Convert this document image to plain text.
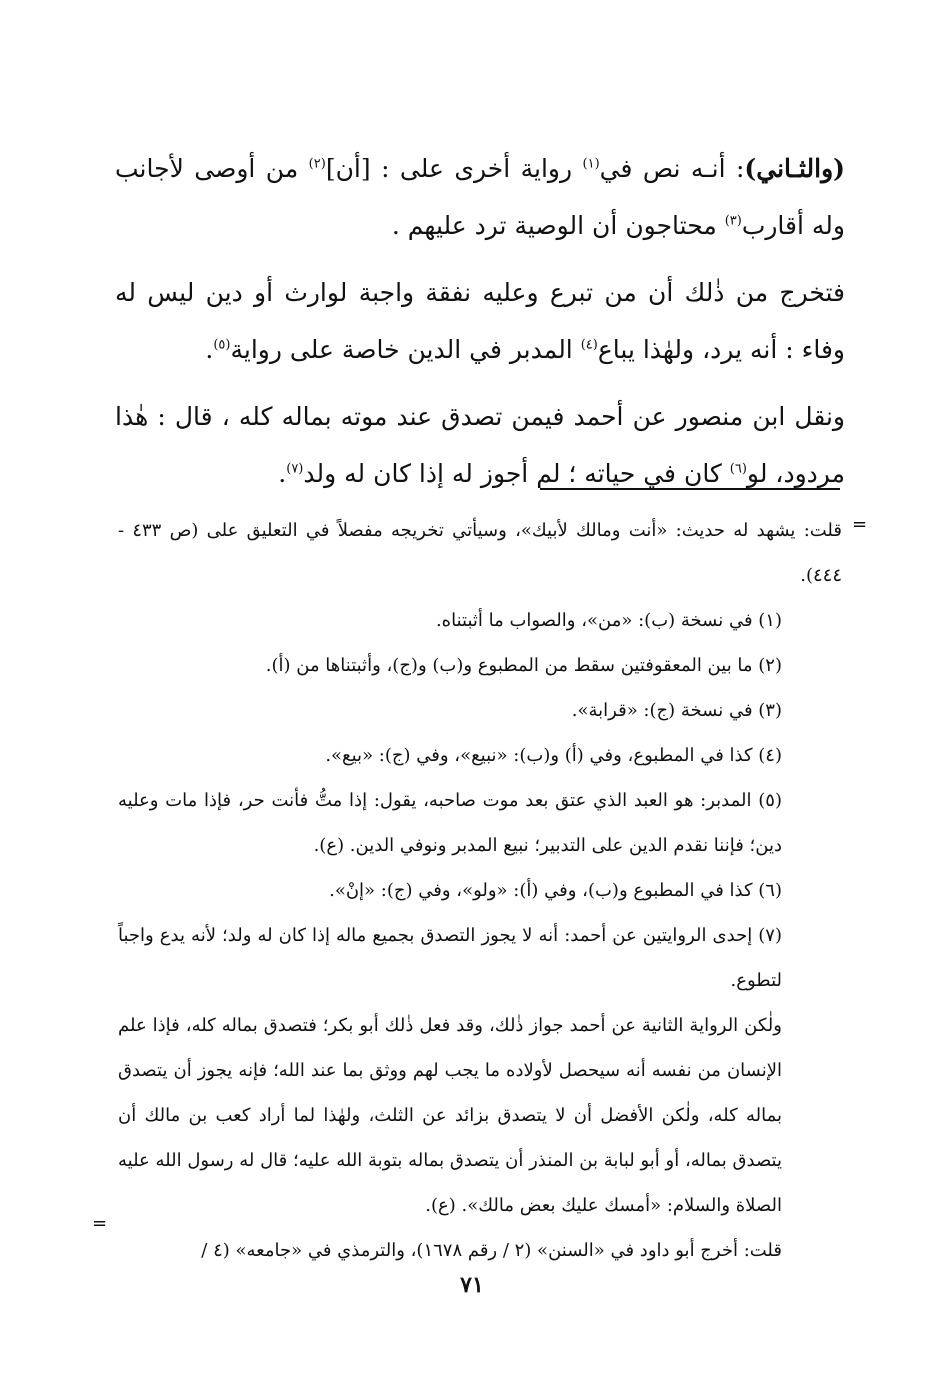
(والثـاني): أنـه نص في$^{(١)}$ رواية أخرى على : [أن]$^{(٢)}$ من أوصى لأجانب وله أقارب$^{(٣)}$ محتاجون أن الوصية ترد عليهم .

فتخرج من ذٰلك أن من تبرع وعليه نفقة واجبة لوارث أو دين ليس له وفاء : أنه يرد، ولهٰذا يباع$^{(٤)}$ المدبر في الدين خاصة على رواية$^{(٥)}$.

ونقل ابن منصور عن أحمد فيمن تصدق عند موته بماله كله ، قال : هٰذا مردود، لو$^{(٦)}$ كان في حياته ؛ لم أجوز له إذا كان له ولد$^{(٧)}$.

=

قلت: يشهد له حديث: «أنت ومالك لأبيك»، وسيأتي تخريجه مفصلاً في التعليق على (ص ٤٣٣ - ٤٤٤).

(١) في نسخة (ب): «من»، والصواب ما أثبتناه.

(٢) ما بين المعقوفتين سقط من المطبوع و(ب) و(ج)، وأثبتناها من (أ).

(٣) في نسخة (ج): «قرابة».

(٤) كذا في المطبوع، وفي (أ) و(ب): «نبيع»، وفي (ج): «بيع».

(٥) المدبر: هو العبد الذي عتق بعد موت صاحبه، يقول: إذا متُّ فأنت حر، فإذا مات وعليه دين؛ فإننا نقدم الدين على التدبير؛ نبيع المدبر ونوفي الدين. (ع).

(٦) كذا في المطبوع و(ب)، وفي (أ): «ولو»، وفي (ج): «إنْ».

(٧) إحدى الروايتين عن أحمد: أنه لا يجوز التصدق بجميع ماله إذا كان له ولد؛ لأنه يدع واجباً لتطوع.

ولٰكن الرواية الثانية عن أحمد جواز ذٰلك، وقد فعل ذٰلك أبو بكر؛ فتصدق بماله كله، فإذا علم الإنسان من نفسه أنه سيحصل لأولاده ما يجب لهم ووثق بما عند الله؛ فإنه يجوز أن يتصدق بماله كله، ولٰكن الأفضل أن لا يتصدق بزائد عن الثلث، ولهٰذا لما أراد كعب بن مالك أن يتصدق بماله، أو أبو لبابة بن المنذر أن يتصدق بماله بتوبة الله عليه؛ قال له رسول الله عليه الصلاة والسلام: «أمسك عليك بعض مالك». (ع).

قلت: أخرج أبو داود في «السنن» (٢ / رقم ١٦٧٨)، والترمذي في «جامعه» (٤ /

=
٧١
